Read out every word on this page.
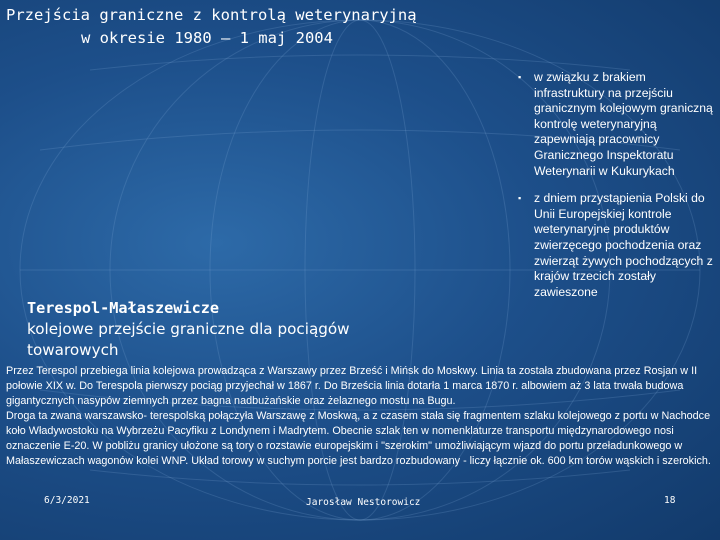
Przejścia graniczne z kontrolą weterynaryjną
w okresie 1980 – 1 maj 2004
▪ w związku z brakiem infrastruktury na przejściu granicznym kolejowym graniczną kontrolę weterynaryjną zapewniają pracownicy Granicznego Inspektoratu Weterynarii w Kukurykach
▪ z dniem przystąpienia Polski do Unii Europejskiej kontrole weterynaryjne produktów zwierzęcego pochodzenia oraz zwierząt żywych pochodzących z krajów trzecich zostały zawieszone
Terespol-Małaszewicze
kolejowe przejście graniczne dla pociągów towarowych

Przez Terespol przebiega linia kolejowa prowadząca z Warszawy przez Brześć i Mińsk do Moskwy. Linia ta została zbudowana przez Rosjan w II połowie XIX w. Do Terespola pierwszy pociąg przyjechał w 1867 r. Do Brześcia linia dotarła 1 marca 1870 r. albowiem aż 3 lata trwała budowa gigantycznych nasypów ziemnych przez bagna nadbużańskie oraz żelaznego mostu na Bugu.

Droga ta zwana warszawsko- terespolską połączyła Warszawę z Moskwą, a z czasem stała się fragmentem szlaku kolejowego z portu w Nachodce koło Władywostoku na Wybrzeżu Pacyfiku z Londynem i Madrytem. Obecnie szlak ten w nomenklaturze transportu międzynarodowego nosi oznaczenie E-20. W pobliżu granicy ułożone są tory o rozstawie europejskim i "szerokim" umożliwiającym wjazd do portu przeładunkowego w Małaszewiczach wagonów kolei WNP. Układ torowy w suchym porcie jest bardzo rozbudowany - liczy łącznie ok. 600 km torów wąskich i szerokich.

6/3/2021	Jarosław Nestorowicz	18
